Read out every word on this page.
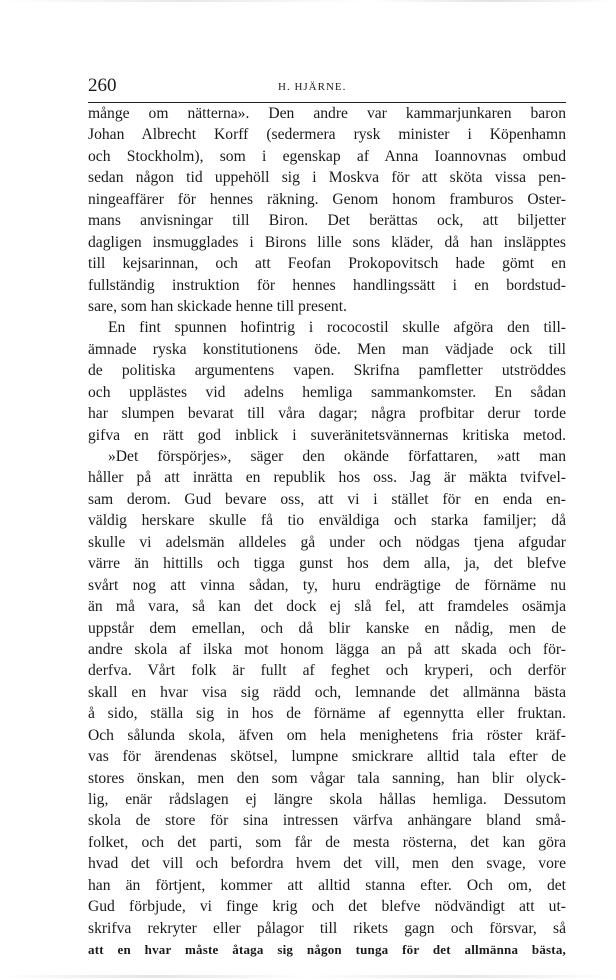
260	H. HJÄRNE.
månge om nätterna». Den andre var kammarjunkaren baron
Johan Albrecht Korff (sedermera rysk minister i Köpenhamn
och Stockholm), som i egenskap af Anna Ioannovnas ombud
sedan någon tid uppehöll sig i Moskva för att sköta vissa pen-
ningeaffärer för hennes räkning. Genom honom framburos Oster-
mans anvisningar till Biron. Det berättas ock, att biljetter
dagligen insmugglades i Birons lille sons kläder, då han insläpptes
till kejsarinnan, och att Feofan Prokopovitsch hade gömt en
fullständig instruktion för hennes handlingssätt i en bordstud-
sare, som han skickade henne till present.
En fint spunnen hofintrig i rococostil skulle afgöra den till-
ämnade ryska konstitutionens öde. Men man vädjade ock till
de politiska argumentens vapen. Skrifna pamfletter utströddes
och upplästes vid adelns hemliga sammankomster. En sådan
har slumpen bevarat till våra dagar; några profbitar derur torde
gifva en rätt god inblick i suveränitetsvännernas kritiska metod.
»Det förspörjes», säger den okände författaren, »att man
håller på att inrätta en republik hos oss. Jag är mäkta tvifvel-
sam derom. Gud bevare oss, att vi i stället för en enda en-
väldig herskare skulle få tio enväldiga och starka familjer; då
skulle vi adelsmän alldeles gå under och nödgas tjena afgudar
värre än hittills och tigga gunst hos dem alla, ja, det blefve
svårt nog att vinna sådan, ty, huru endrägtige de förnäme nu
än må vara, så kan det dock ej slå fel, att framdeles osämja
uppstår dem emellan, och då blir kanske en nådig, men de
andre skola af ilska mot honom lägga an på att skada och för-
derfva. Vårt folk är fullt af feghet och kryperi, och derför
skall en hvar visa sig rädd och, lemnande det allmänna bästa
å sido, ställa sig in hos de förnäme af egennytta eller fruktan.
Och sålunda skola, äfven om hela menighetens fria röster kräf-
vas för ärendenas skötsel, lumpne smickrare alltid tala efter de
stores önskan, men den som vågar tala sanning, han blir olyck-
lig, enär rådslagen ej längre skola hållas hemliga. Dessutom
skola de store för sina intressen värfva anhängare bland små-
folket, och det parti, som får de mesta rösterna, det kan göra
hvad det vill och befordra hvem det vill, men den svage, vore
han än förtjent, kommer att alltid stanna efter. Och om, det
Gud förbjude, vi finge krig och det blefve nödvändigt att ut-
skrifva rekryter eller pålagor till rikets gagn och försvar, så
att en hvar måste åtaga sig någon tunga för det allmänna bästa,
